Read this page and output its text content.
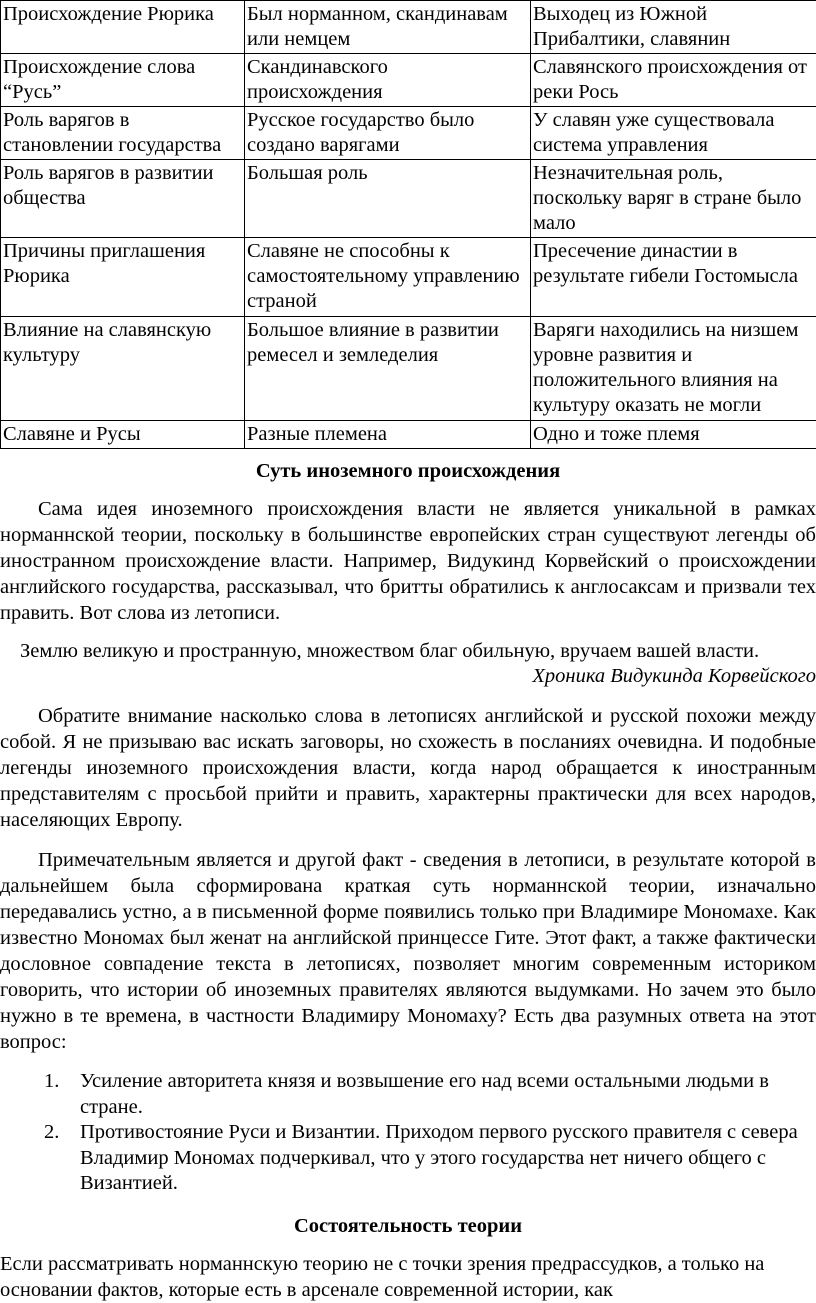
Происхождение Рюрика	Был норманном, скандинавам или немцем	Выходец из Южной Прибалтики, славянин
Происхождение слова “Русь”	Скандинавского происхождения	Славянского происхождения от реки Рось
Роль варягов в становлении государства	Русское государство было создано варягами	У славян уже существовала система управления
Роль варягов в развитии общества	Большая роль	Незначительная роль, поскольку варяг в стране было мало
Причины приглашения Рюрика	Славяне не способны к самостоятельному управлению страной	Пресечение династии в результате гибели Гостомысла
Влияние на славянскую культуру	Большое влияние в развитии ремесел и земледелия	Варяги находились на низшем уровне развития и положительного влияния на культуру оказать не могли
Славяне и Русы	Разные племена	Одно и тоже племя
Суть иноземного происхождения

Сама идея иноземного происхождения власти не является уникальной в рамках норманнской теории, поскольку в большинстве европейских стран существуют легенды об иностранном происхождение власти. Например, Видукинд Корвейский о происхождении английского государства, рассказывал, что бритты обратились к англосаксам и призвали тех править. Вот слова из летописи.

Землю великую и пространную, множеством благ обильную, вручаем вашей власти.

Хроника Видукинда Корвейского

Обратите внимание насколько слова в летописях английской и русской похожи между собой. Я не призываю вас искать заговоры, но схожесть в посланиях очевидна. И подобные легенды иноземного происхождения власти, когда народ обращается к иностранным представителям с просьбой прийти и править, характерны практически для всех народов, населяющих Европу.

Примечательным является и другой факт - сведения в летописи, в результате которой в дальнейшем была сформирована краткая суть норманнской теории, изначально передавались устно, а в письменной форме появились только при Владимире Мономахе. Как известно Мономах был женат на английской принцессе Гите. Этот факт, а также фактически дословное совпадение текста в летописях, позволяет многим современным историком говорить, что истории об иноземных правителях являются выдумками. Но зачем это было нужно в те времена, в частности Владимиру Мономаху? Есть два разумных ответа на этот вопрос:

1. Усиление авторитета князя и возвышение его над всеми остальными людьми в стране.
2. Противостояние Руси и Византии. Приходом первого русского правителя с севера Владимир Мономах подчеркивал, что у этого государства нет ничего общего с Византией.
Состоятельность теории

Если рассматривать норманнскую теорию не с точки зрения предрассудков, а только на основании фактов, которые есть в арсенале современной истории, как
